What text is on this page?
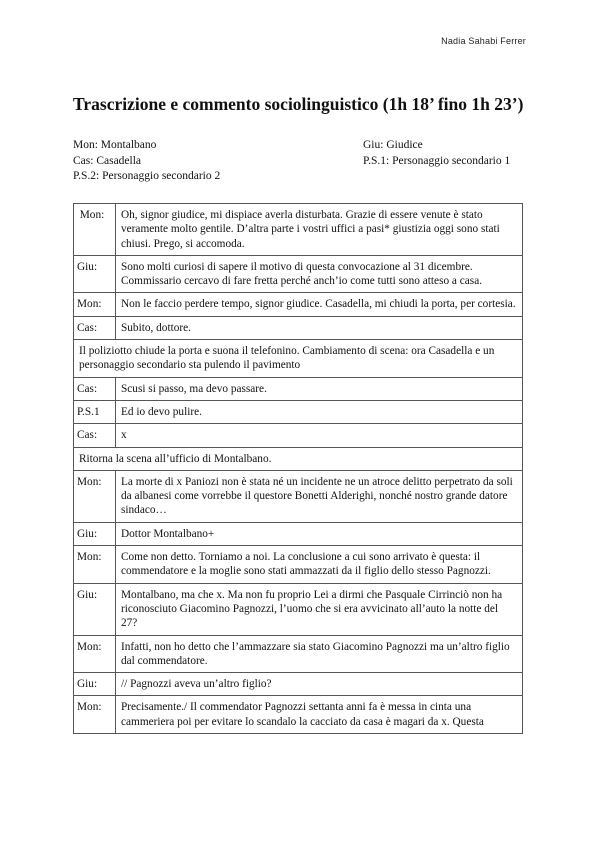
Nadia Sahabi Ferrer
Trascrizione e commento sociolinguistico (1h 18’ fino 1h 23’)
Mon: Montalbano	Giu: Giudice
Cas: Casadella	P.S.1: Personaggio secondario 1
P.S.2: Personaggio secondario 2
Mon:	Oh, signor giudice, mi dispiace averla disturbata. Grazie di essere venute è stato veramente molto gentile. D’altra parte i vostri uffici a pasi* giustizia oggi sono stati chiusi. Prego, si accomoda.
Giu:	Sono molti curiosi di sapere il motivo di questa convocazione al 31 dicembre. Commissario cercavo di fare fretta perché anch’io come tutti sono atteso a casa.
Mon:	Non le faccio perdere tempo, signor giudice. Casadella, mi chiudi la porta, per cortesia.
Cas:	Subito, dottore.
Il poliziotto chiude la porta e suona il telefonino. Cambiamento di scena: ora Casadella e un personaggio secondario sta pulendo il pavimento	
Cas:	Scusi si passo, ma devo passare.
P.S.1	Ed io devo pulire.
Cas:	x
Ritorna la scena all’ufficio di Montalbano.	
Mon:	La morte di x Paniozi non è stata né un incidente ne un atroce delitto perpetrato da soli da albanesi come vorrebbe il questore Bonetti Alderighi, nonché nostro grande datore sindaco…
Giu:	Dottor Montalbano+
Mon:	Come non detto. Torniamo a noi. La conclusione a cui sono arrivato è questa: il commendatore e la moglie sono stati ammazzati da il figlio dello stesso Pagnozzi.
Giu:	Montalbano, ma che x. Ma non fu proprio Lei a dirmi che Pasquale Cirrinciò non ha riconosciuto Giacomino Pagnozzi, l’uomo che si era avvicinato all’auto la notte del 27?
Mon:	Infatti, non ho detto che l’ammazzare sia stato Giacomino Pagnozzi ma un’altro figlio dal commendatore.
Giu:	// Pagnozzi aveva un’altro figlio?
Mon:	Precisamente./ Il commendator Pagnozzi settanta anni fa è messa in cinta una cammeriera poi per evitare lo scandalo la cacciato da casa è magari da x. Questa
